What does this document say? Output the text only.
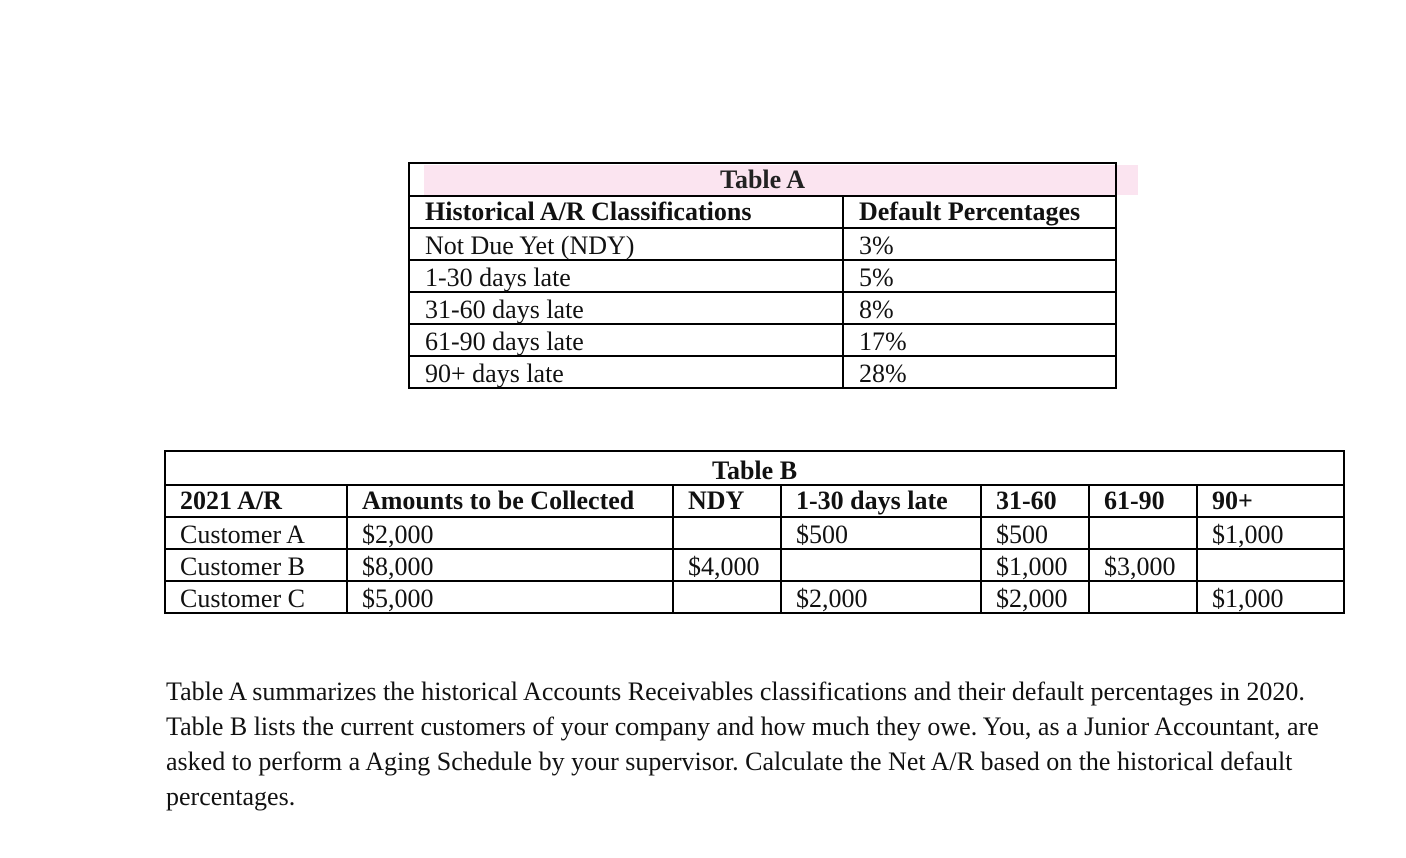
Table A	
Historical A/R Classifications	Default Percentages
Not Due Yet (NDY)	3%
1-30 days late	5%
31-60 days late	8%
61-90 days late	17%
90+ days late	28%
Table B						
2021 A/R	Amounts to be Collected	NDY	1-30 days late	31-60	61-90	90+
Customer A	$2,000		$500	$500		$1,000
Customer B	$8,000	$4,000		$1,000	$3,000	
Customer C	$5,000		$2,000	$2,000		$1,000

Table A summarizes the historical Accounts Receivables classifications and their default percentages in 2020. Table B lists the current customers of your company and how much they owe. You, as a Junior Accountant, are asked to perform a Aging Schedule by your supervisor. Calculate the Net A/R based on the historical default percentages.
